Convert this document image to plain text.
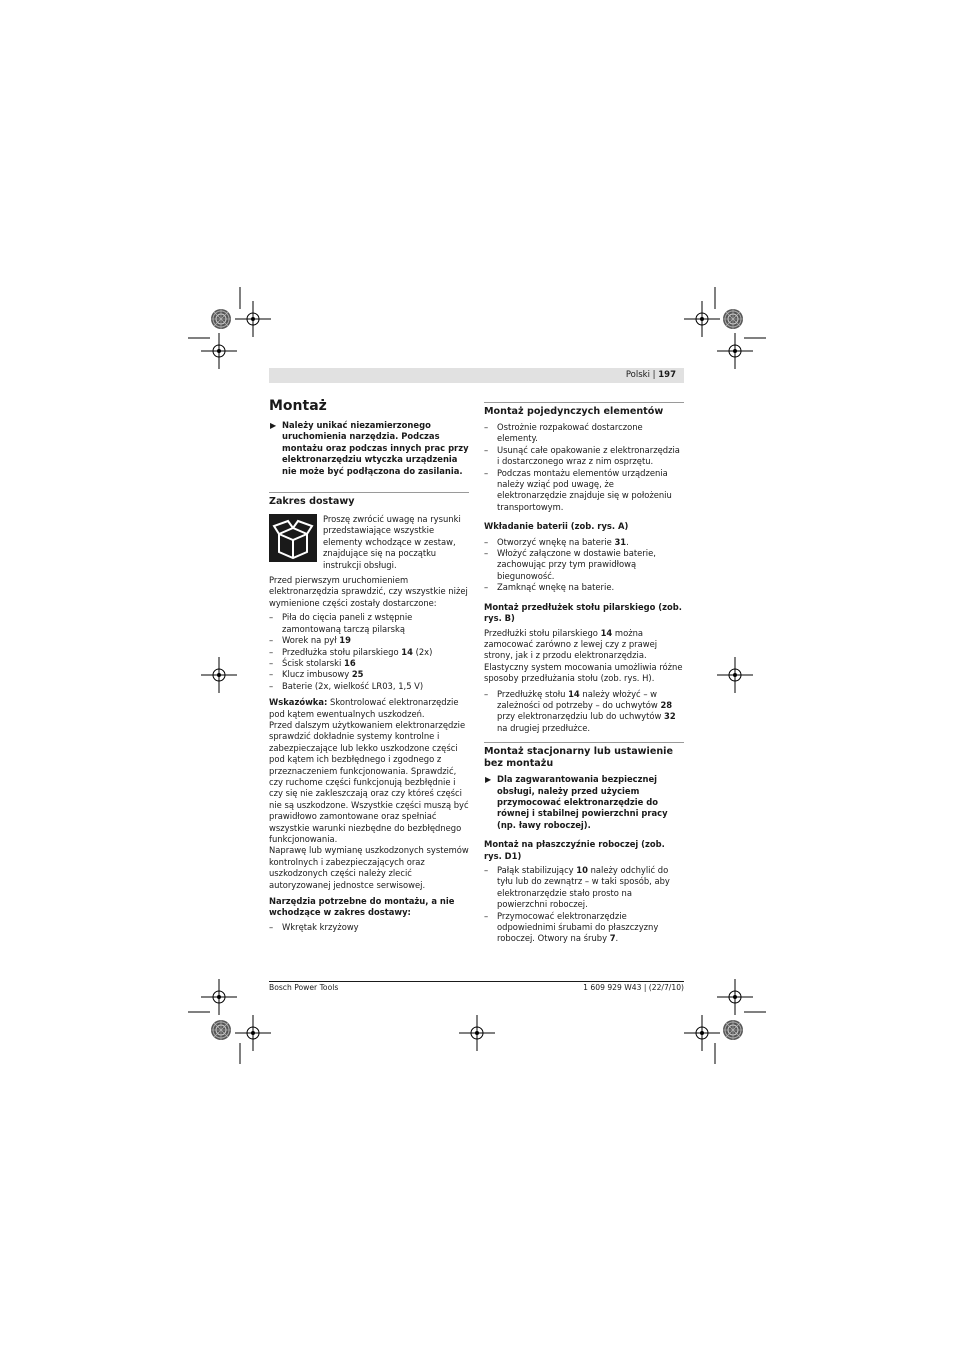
Polski | 197
Montaż

▶ Należy unikać niezamierzonego uruchomienia narzędzia. Podczas montażu oraz podczas innych prac przy elektronarzędziu wtyczka urządzenia nie może być podłączona do zasilania.

Zakres dostawy

Proszę zwrócić uwagę na rysunki przedstawiające wszystkie elementy wchodzące w zestaw, znajdujące się na początku instrukcji obsługi.

Przed pierwszym uruchomieniem elektronarzędzia sprawdzić, czy wszystkie niżej wymienione części zostały dostarczone:

– Piła do cięcia paneli z wstępnie zamontowaną tarczą pilarską
– Worek na pył 19
– Przedłużka stołu pilarskiego 14 (2x)
– Ścisk stolarski 16
– Klucz imbusowy 25
– Baterie (2x, wielkość LR03, 1,5 V)

Wskazówka: Skontrolować elektronarzędzie pod kątem ewentualnych uszkodzeń.

Przed dalszym użytkowaniem elektronarzędzie sprawdzić dokładnie systemy kontrolne i zabezpieczające lub lekko uszkodzone części pod kątem ich bezbłędnego i zgodnego z przeznaczeniem funkcjonowania. Sprawdzić, czy ruchome części funkcjonują bezbłędnie i czy się nie zakleszczają oraz czy któreś części nie są uszkodzone. Wszystkie części muszą być prawidłowo zamontowane oraz spełniać wszystkie warunki niezbędne do bezbłędnego funkcjonowania.

Naprawę lub wymianę uszkodzonych systemów kontrolnych i zabezpieczających oraz uszkodzonych części należy zlecić autoryzowanej jednostce serwisowej.

Narzędzia potrzebne do montażu, a nie wchodzące w zakres dostawy:

– Wkrętak krzyżowy

Montaż pojedynczych elementów

– Ostrożnie rozpakować dostarczone elementy.
– Usunąć całe opakowanie z elektronarzędzia i dostarczonego wraz z nim osprzętu.
– Podczas montażu elementów urządzenia należy wziąć pod uwagę, że elektronarzędzie znajduje się w położeniu transportowym.

Wkładanie baterii (zob. rys. A)

– Otworzyć wnękę na baterie 31.
– Włożyć załączone w dostawie baterie, zachowując przy tym prawidłową biegunowość.
– Zamknąć wnękę na baterie.

Montaż przedłużek stołu pilarskiego (zob. rys. B)

Przedłużki stołu pilarskiego 14 można zamocować zarówno z lewej czy z prawej strony, jak i z przodu elektronarzędzia.

Elastyczny system mocowania umożliwia różne sposoby przedłużania stołu (zob. rys. H).

– Przedłużkę stołu 14 należy włożyć – w zależności od potrzeby – do uchwytów 28 przy elektronarzędziu lub do uchwytów 32 na drugiej przedłużce.

Montaż stacjonarny lub ustawienie bez montażu

▶ Dla zagwarantowania bezpiecznej obsługi, należy przed użyciem przymocować elektronarzędzie do równej i stabilnej powierzchni pracy (np. ławy roboczej).

Montaż na płaszczyźnie roboczej (zob. rys. D1)

– Pałąk stabilizujący 10 należy odchylić do tyłu lub do zewnątrz – w taki sposób, aby elektronarzędzie stało prosto na powierzchni roboczej.
– Przymocować elektronarzędzie odpowiednimi śrubami do płaszczyzny roboczej. Otwory na śruby 7.
Bosch Power Tools	1 609 929 W43 | (22/7/10)
